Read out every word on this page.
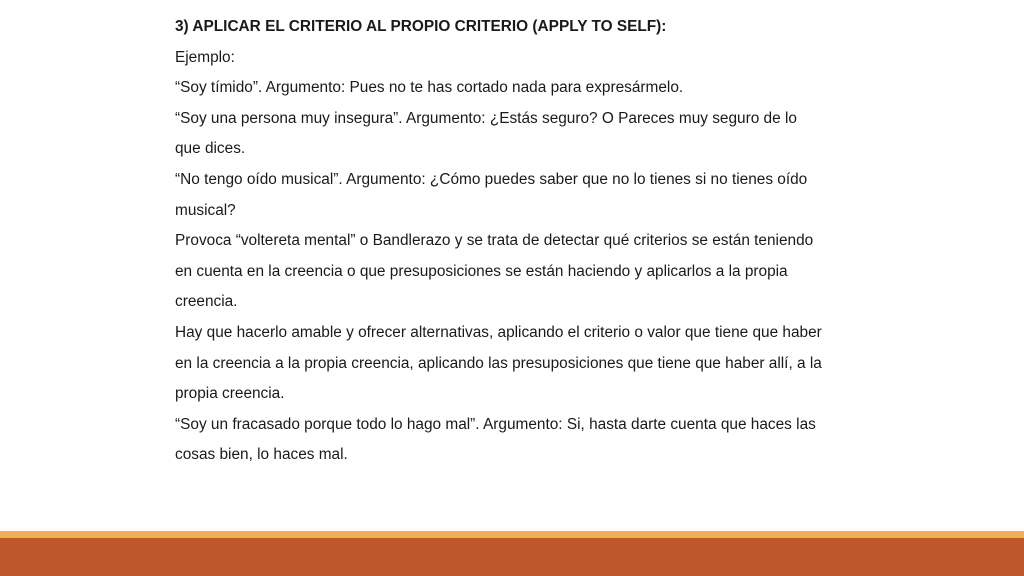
3) APLICAR EL CRITERIO AL PROPIO CRITERIO (APPLY TO SELF):

Ejemplo:

“Soy tímido”. Argumento: Pues no te has cortado nada para expresármelo.

“Soy una persona muy insegura”. Argumento: ¿Estás seguro? O Pareces muy seguro de lo que dices.

“No tengo oído musical”. Argumento: ¿Cómo puedes saber que no lo tienes si no tienes oído musical?

Provoca “voltereta mental” o Bandlerazo y se trata de detectar qué criterios se están teniendo en cuenta en la creencia o que presuposiciones se están haciendo y aplicarlos a la propia creencia.

Hay que hacerlo amable y ofrecer alternativas, aplicando el criterio o valor que tiene que haber en la creencia a la propia creencia, aplicando las presuposiciones que tiene que haber allí, a la propia creencia.

“Soy un fracasado porque todo lo hago mal”. Argumento: Si, hasta darte cuenta que haces las cosas bien, lo haces mal.
